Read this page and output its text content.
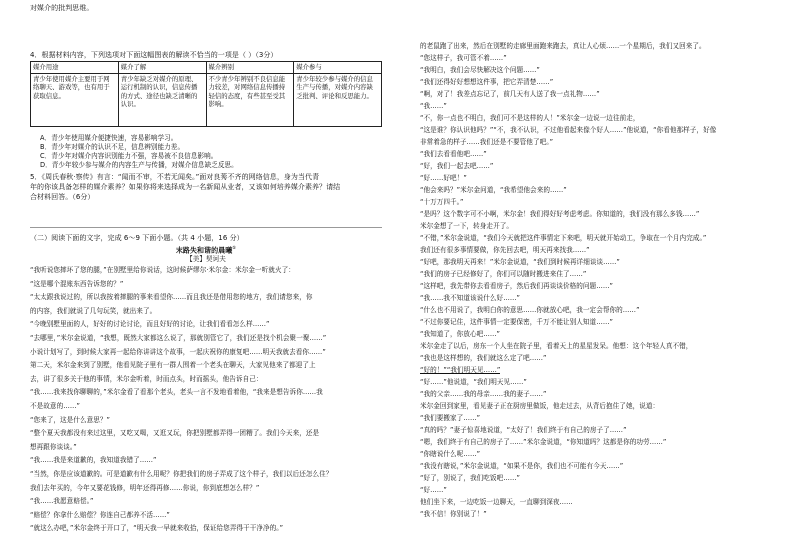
对媒介的批判思维。
4．根据材料内容，下列选项对下面这幅图表的解读不恰当的一项是（ ）（3分）
媒介用途	媒介了解	媒介辨别	媒介参与

青少年使用媒介主要用于网络聊天、游戏等，也有用于获取信息。	青少年缺乏对媒介的原理、运行机制的认识，信息传播的方式、途径也缺乏清晰的认识。	不少青少年辨别不良信息能力较差，对网络信息传播持轻信的态度，有些甚至受其影响。	青少年较少参与媒介的信息生产与传播，对媒介内容缺乏批判、评论和反思能力。
A．青少年使用媒介便捷快速，容易影响学习。
B．青少年对媒介的认识不足，信息辨别能力差。
C．青少年对媒介内容识别能力不强，容易被不良信息影响。
D．青少年较少参与媒介的内容生产与传播，对媒介信息缺乏反思。
5．《周氏春秋·察传》有言：“闻而不审，不若无闻矣。”面对良莠不齐的网络信息，身为当代青
年的你该具备怎样的媒介素养？如果你将来选择成为一名新闻从业者，又该如何培养媒介素养？请结
合材料回答。（6分）
（二）阅读下面的文字，完成 6～9 下面小题。（共 4 小题，16 分）
末路失和谐的晨曦①
【美】契诃夫
“我听说您摔坏了您的腿，”在别墅里给你说话，这时候萨缪尔·米尔金：米尔金一听就火了：
“这是哪个混账东西告诉您的？”
“太太跟我说过的，所以我按着摔腿的事来看望你……而且我还是借用您的地方，我们请您来，你
的内容，我们就说了几句玩笑，就出来了。
“今晚别墅里面的人，好好的讨论讨论，而且好好的讨论，让我们看看怎么样……”
“去哪里，”米尔金说道，“我想，既然大家都这么说了，那就别管它了，我们还是找个机会聚一聚……”
小说计划写了，到时候大家再一起给你讲讲这个故事，一起庆祝你的康复吧……明天我就去看你……”
第二天，米尔金来到了别墅，他看见院子里有一群人围着一个老头在聊天，大家见他来了都迎了上
去，讲了很多关于他的事情，米尔金听着，时而点头，时而摇头，他告诉自己：
“我……我来找你聊聊的，”米尔金看了看那个老头，老头一言不发地看着他，“我来是想告诉你……我
不是故意的……”
“您来了，这是什么意思？”
“整个夏天我都没有来过这里，又吃又喝，又逛又玩，你把别墅都弄得一团糟了。我们今天来，还是
想再跟你谈谈。”
“我……我是来道歉的，我知道我错了……”
“当然，你是应该道歉的。可是道歉有什么用呢？你把我们的房子弄成了这个样子，我们以后还怎么住？
我们去年买的，今年又要花钱修，明年还得再修……你说，你到底想怎么样？”
“我……我愿意赔偿。”
“赔偿？你拿什么赔偿？你连自己都养不活……”
“就这么办吧，”米尔金终于开口了，“明天我一早就来收拾，保证给您弄得干干净净的。”
的老鼠跑了出来，然后在别墅的走廊里面跑来跑去，真让人心烦……一个星期后，我们又回来了。
“您这样子，我可管不着……”
“我明白，我们会尽快解决这个问题……”
“我们还得好好想想这件事，把它弄清楚……”
“啊，对了！我差点忘记了，前几天有人送了我一点礼物……”
“我……”
“不，你一点也不明白，我们可不是这样的人！”米尔金一边说一边往前走，
“这是谁？你认识他吗？”“不，我不认识，不过他看起来像个好人……”他说道，“你看他那样子，好像
非常着急的样子……我们还是不要管他了吧。”
“我们去看看他吧……”
“好，我们一起去吧……”
“好……好吧！”
“他会来吗？”米尔金问道，“我希望他会来的……”
“十万万四千。”
“是吗？这个数字可不小啊，米尔金！我们得好好考虑考虑。你知道的，我们没有那么多钱……”
米尔金想了一下，转身走开了。
“不错，”米尔金说道，“我们今天就把这件事情定下来吧，明天就开始动工，争取在一个月内完成。”
我们还有很多事情要做，你先回去吧，明天再来找我……”
“好吧，那我明天再来！”米尔金说道，“我们到时候再详细谈谈……”
“我们的房子已经修好了，你们可以随时搬进来住了……”
“这样吧，我先带你去看看房子，然后我们再谈谈价格的问题……”
“我……我不知道该说什么好……”
“什么也不用说了，我明白你的意思……你就放心吧，我一定会帮你的……”
“不过你要记住，这件事情一定要保密，千万不能让别人知道……”
“我知道了，你放心吧……”
米尔金走了以后，房东一个人坐在院子里，看着天上的星星发呆。他想：这个年轻人真不错，
“我也是这样想的，我们就这么定了吧……”
“好的！”“我们明天见……”
“好……”他说道，“我们明天见……”
“我的父亲……我的母亲……我的妻子……”
米尔金回到家里，看见妻子正在厨房里做饭，他走过去，从背后抱住了她，说道：
“我们要搬家了……”
“真的吗？”妻子惊喜地说道，“太好了！我们终于有自己的房子了……”
“嗯，我们终于有自己的房子了……”米尔金说道，“你知道吗？这都是你的功劳……”
“你瞎说什么呢……”
“我没有瞎说，”米尔金说道，“如果不是你，我们也不可能有今天……”
“好了，别说了，我们吃饭吧……”
“好……”
他们坐下来，一边吃饭一边聊天，一直聊到深夜……
“我不信！你别说了！”
